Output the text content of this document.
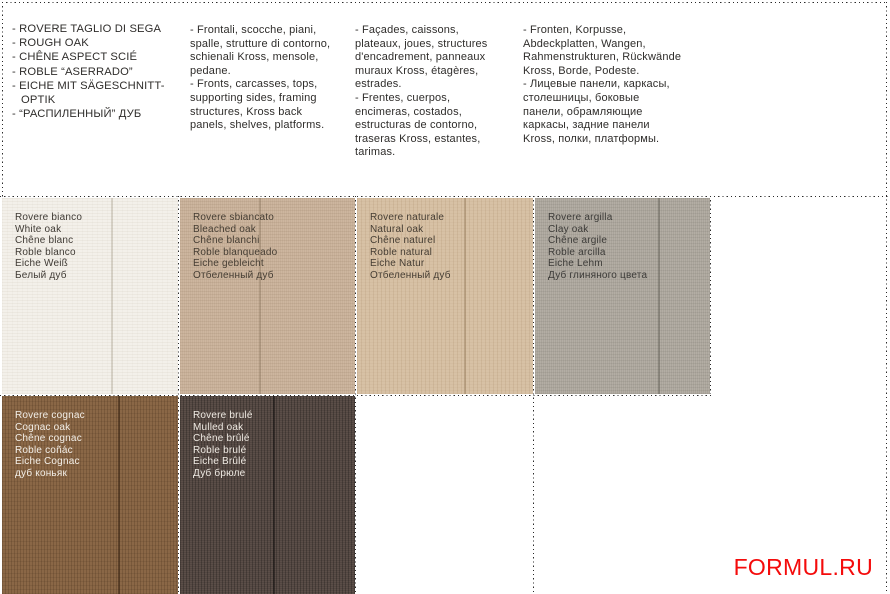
- ROVERE TAGLIO DI SEGA
- ROUGH OAK
- CHÊNE ASPECT SCIÉ
- ROBLE “ASERRADO”
- EICHE MIT SÄGESCHNITT-OPTIK
- “РАСПИЛЕННЫЙ” ДУБ

- Frontali, scocche, piani, spalle, strutture di contorno, schienali Kross, mensole, pedane.

- Fronts, carcasses, tops, supporting sides, framing structures, Kross back panels, shelves, platforms.

- Façades, caissons, plateaux, joues, structures d'encadrement, panneaux muraux Kross, étagères, estrades.

- Frentes, cuerpos, encimeras, costados, estructuras de contorno, traseras Kross, estantes, tarimas.

- Fronten, Korpusse, Abdeckplatten, Wangen, Rahmenstrukturen, Rückwände Kross, Borde, Podeste.

- Лицевые панели, каркасы, столешницы, боковые панели, обрамляющие каркасы, задние панели Kross, полки, платформы.

Rovere bianco
White oak
Chêne blanc
Roble blanco
Eiche Weiß
Белый дуб
Rovere sbiancato
Bleached oak
Chêne blanchi
Roble blanqueado
Eiche gebleicht
Отбеленный дуб
Rovere naturale
Natural oak
Chêne naturel
Roble natural
Eiche Natur
Отбеленный дуб
Rovere argilla
Clay oak
Chêne argile
Roble arcilla
Eiche Lehm
Дуб глиняного цвета
Rovere cognac
Cognac oak
Chêne cognac
Roble coñác
Eiche Cognac
дуб коньяк
Rovere brulé
Mulled oak
Chêne brûlé
Roble brulé
Eiche Brûlé
Дуб брюле
FORMUL.RU
